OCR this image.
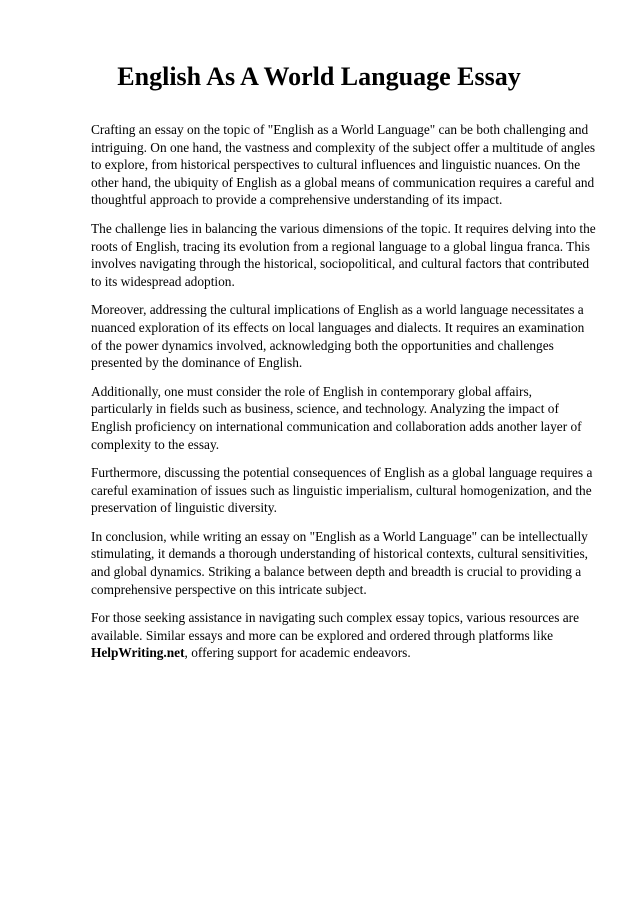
English As A World Language Essay

Crafting an essay on the topic of "English as a World Language" can be both challenging and intriguing. On one hand, the vastness and complexity of the subject offer a multitude of angles to explore, from historical perspectives to cultural influences and linguistic nuances. On the other hand, the ubiquity of English as a global means of communication requires a careful and thoughtful approach to provide a comprehensive understanding of its impact.

The challenge lies in balancing the various dimensions of the topic. It requires delving into the roots of English, tracing its evolution from a regional language to a global lingua franca. This involves navigating through the historical, sociopolitical, and cultural factors that contributed to its widespread adoption.

Moreover, addressing the cultural implications of English as a world language necessitates a nuanced exploration of its effects on local languages and dialects. It requires an examination of the power dynamics involved, acknowledging both the opportunities and challenges presented by the dominance of English.

Additionally, one must consider the role of English in contemporary global affairs, particularly in fields such as business, science, and technology. Analyzing the impact of English proficiency on international communication and collaboration adds another layer of complexity to the essay.

Furthermore, discussing the potential consequences of English as a global language requires a careful examination of issues such as linguistic imperialism, cultural homogenization, and the preservation of linguistic diversity.

In conclusion, while writing an essay on "English as a World Language" can be intellectually stimulating, it demands a thorough understanding of historical contexts, cultural sensitivities, and global dynamics. Striking a balance between depth and breadth is crucial to providing a comprehensive perspective on this intricate subject.

For those seeking assistance in navigating such complex essay topics, various resources are available. Similar essays and more can be explored and ordered through platforms like HelpWriting.net, offering support for academic endeavors.
